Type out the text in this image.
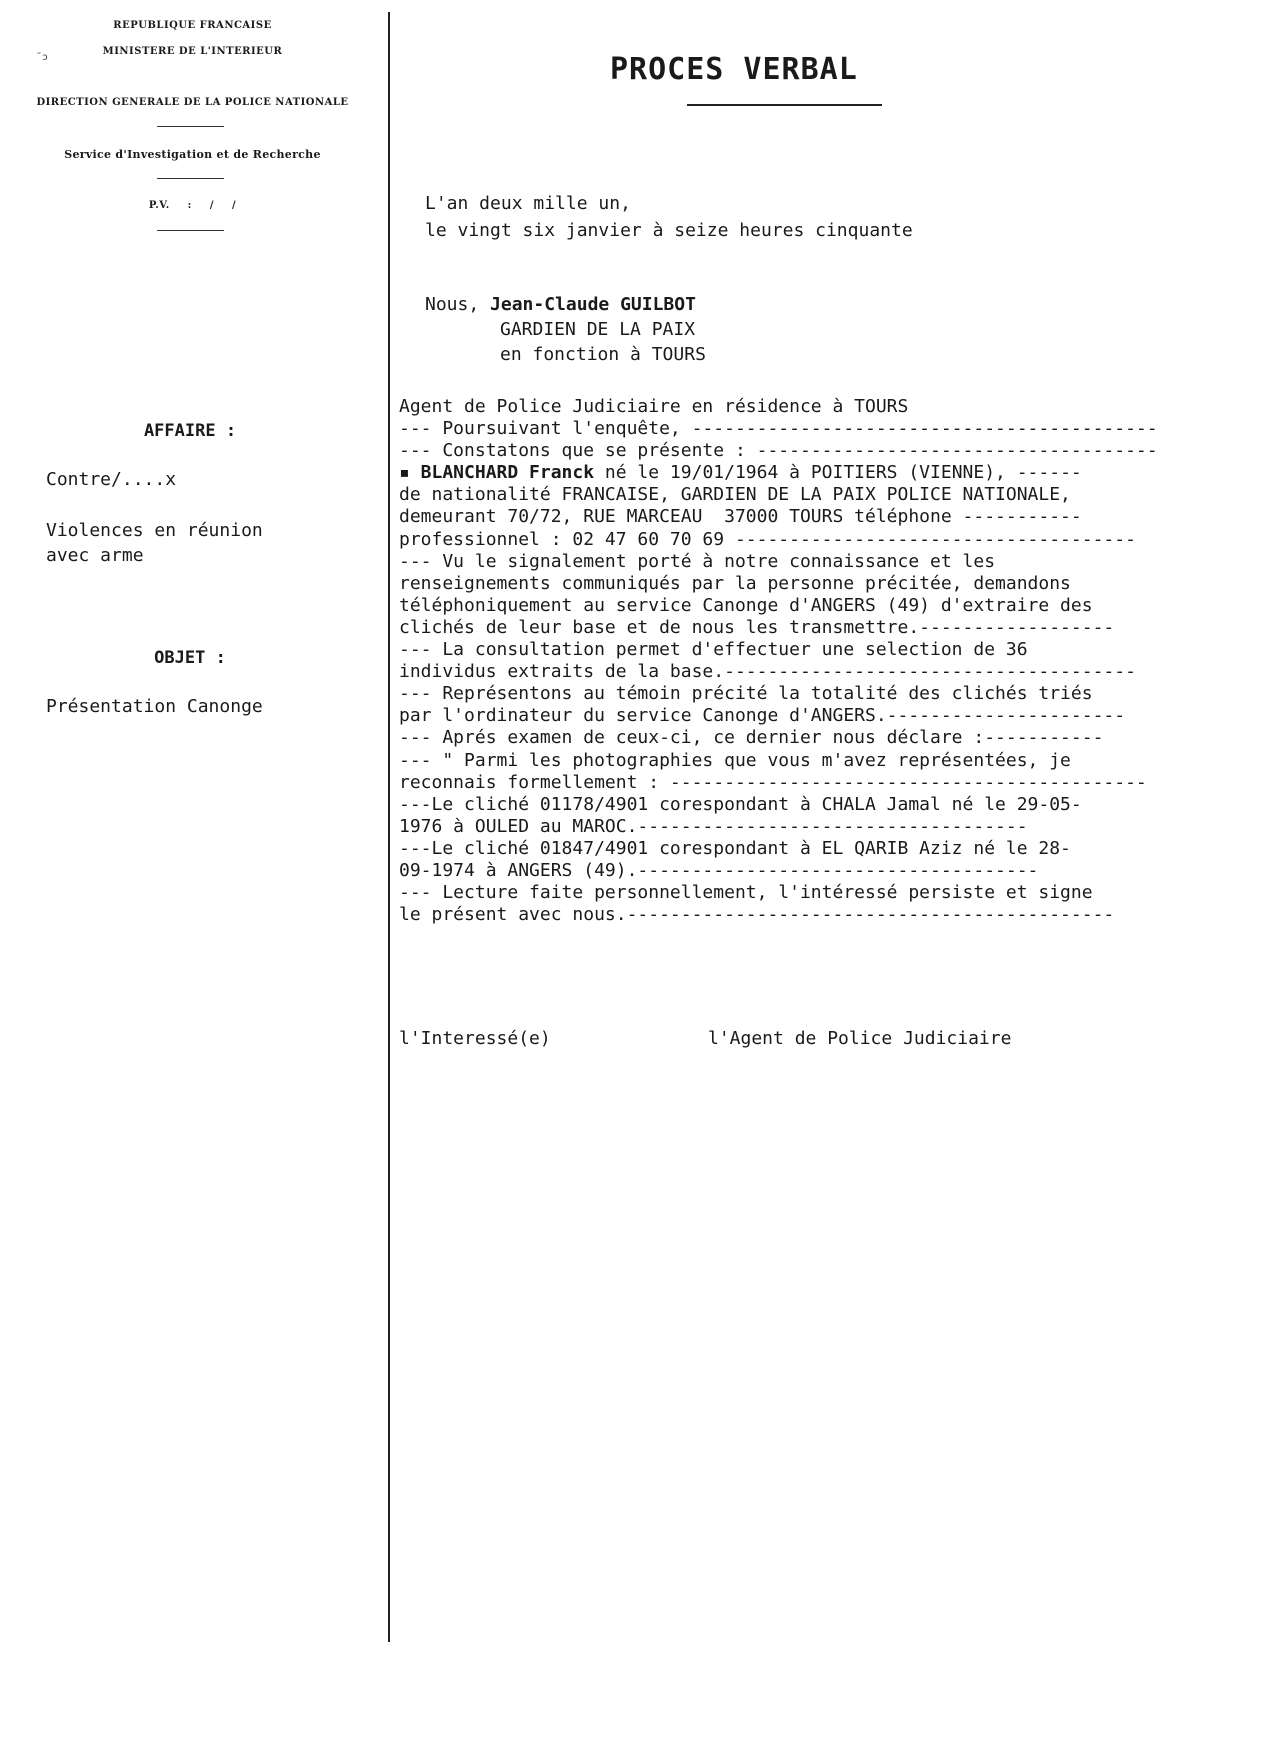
REPUBLIQUE FRANCAISE
˘ɔ
MINISTERE DE L'INTERIEUR
DIRECTION GENERALE DE LA POLICE NATIONALE
Service d'Investigation et de Recherche
P.V. : / /
AFFAIRE :
Contre/....x
Violences en réunion
avec arme
OBJET :
Présentation Canonge
PROCES VERBAL
L'an deux mille un,
le vingt six janvier à seize heures cinquante
Nous, Jean-Claude GUILBOT
GARDIEN DE LA PAIX
en fonction à TOURS
Agent de Police Judiciaire en résidence à TOURS
--- Poursuivant l'enquête, -------------------------------------------
--- Constatons que se présente : -------------------------------------
▪ BLANCHARD Franck né le 19/01/1964 à POITIERS (VIENNE), ------
de nationalité FRANCAISE, GARDIEN DE LA PAIX POLICE NATIONALE,
demeurant 70/72, RUE MARCEAU  37000 TOURS téléphone -----------
professionnel : 02 47 60 70 69 -------------------------------------
--- Vu le signalement porté à notre connaissance et les
renseignements communiqués par la personne précitée, demandons
téléphoniquement au service Canonge d'ANGERS (49) d'extraire des
clichés de leur base et de nous les transmettre.------------------
--- La consultation permet d'effectuer une selection de 36
individus extraits de la base.--------------------------------------
--- Représentons au témoin précité la totalité des clichés triés
par l'ordinateur du service Canonge d'ANGERS.----------------------
--- Aprés examen de ceux-ci, ce dernier nous déclare :-----------
--- " Parmi les photographies que vous m'avez représentées, je
reconnais formellement : --------------------------------------------
---Le cliché 01178/4901 corespondant à CHALA Jamal né le 29-05-
1976 à OULED au MAROC.------------------------------------
---Le cliché 01847/4901 corespondant à EL QARIB Aziz né le 28-
09-1974 à ANGERS (49).-------------------------------------
--- Lecture faite personnellement, l'intéressé persiste et signe
le présent avec nous.---------------------------------------------
l'Interessé(e)	l'Agent de Police Judiciaire
